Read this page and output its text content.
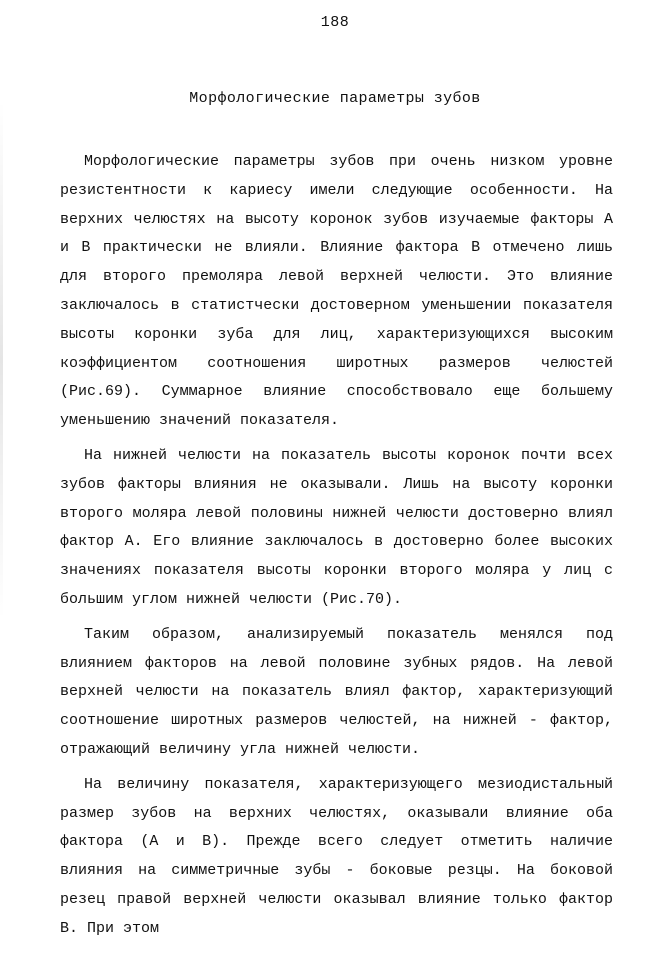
188
Морфологические параметры зубов

Морфологические параметры зубов при очень низком уровне резистентности к кариесу имели следующие особенности. На верхних челюстях на высоту коронок зубов изучаемые факторы А и В практически не влияли. Влияние фактора В отмечено лишь для второго премоляра левой верхней челюсти. Это влияние заключалось в статистчески достоверном уменьшении показателя высоты коронки зуба для лиц, характеризующихся высоким коэффициентом соотношения широтных размеров челюстей (Рис.69). Суммарное влияние способствовало еще большему уменьшению значений показателя.

На нижней челюсти на показатель высоты коронок почти всех зубов факторы влияния не оказывали. Лишь на высоту коронки второго моляра левой половины нижней челюсти достоверно влиял фактор А. Его влияние заключалось в достоверно более высоких значениях показателя высоты коронки второго моляра у лиц с большим углом нижней челюсти (Рис.70).

Таким образом, анализируемый показатель менялся под влиянием факторов на левой половине зубных рядов. На левой верхней челюсти на показатель влиял фактор, характеризующий соотношение широтных размеров челюстей, на нижней - фактор, отражающий величину угла нижней челюсти.

На величину показателя, характеризующего мезиодистальный размер зубов на верхних челюстях, оказывали влияние оба фактора (А и В). Прежде всего следует отметить наличие влияния на симметричные зубы - боковые резцы. На боковой резец правой верхней челюсти оказывал влияние только фактор В. При этом
